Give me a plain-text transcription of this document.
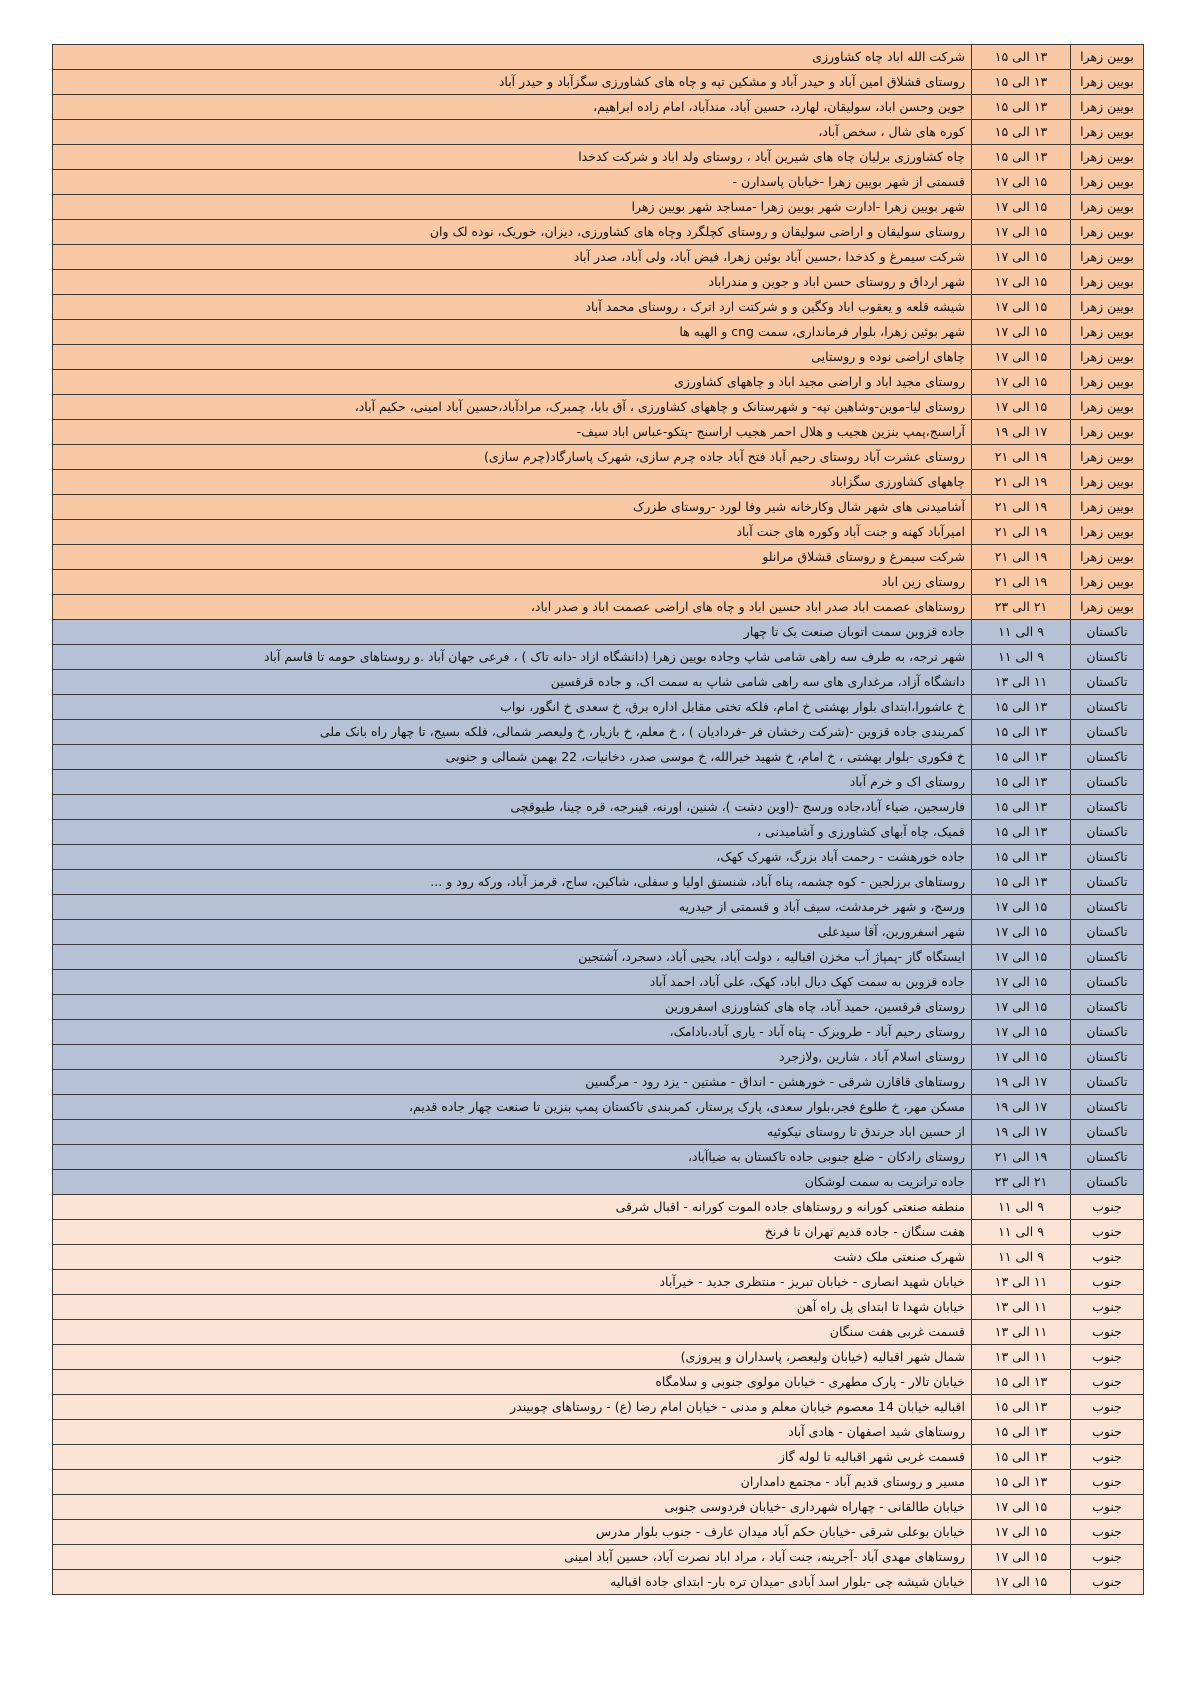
بویین زهرا	۱۳ الی ۱۵	شرکت الله اباد چاه کشاورزی
بویین زهرا	۱۳ الی ۱۵	روستای قشلاق امین آباد و حیدر آباد و مشکین تپه و چاه های کشاورزی سگزآباد و حیدر آباد
بویین زهرا	۱۳ الی ۱۵	جوین وحسن اباد، سولیقان، لهارد، حسین آباد، مندآباد، امام زاده ابراهیم،
بویین زهرا	۱۳ الی ۱۵	کوره های شال ، سخص آباد،
بویین زهرا	۱۳ الی ۱۵	چاه کشاورزی برلیان چاه های شیرین آباد ، روستای ولد اباد و شرکت کدخدا
بویین زهرا	۱۵ الی ۱۷	قسمتی از شهر بویین زهرا -خیابان پاسدارن -
بویین زهرا	۱۵ الی ۱۷	شهر بویین زهرا -ادارت شهر بویین زهرا -مساجد شهر بویین زهرا
بویین زهرا	۱۵ الی ۱۷	روستای سولیقان و اراضی سولیقان و روستای کچلگرد وچاه های کشاورزی، دیزان، خوریک، نوده لک وان
بویین زهرا	۱۵ الی ۱۷	شرکت سیمرغ و کدخدا ،حسین آباد بوئین زهرا، فیض آباد، ولی آباد، صدر آباد
بویین زهرا	۱۵ الی ۱۷	شهر ارداق و روستای حسن اباد و جوین و مندراباد
بویین زهرا	۱۵ الی ۱۷	شیشه قلعه و یعقوب اباد وکگین و و شرکتت ارد اترک ، روستای محمد آباد
بویین زهرا	۱۵ الی ۱۷	شهر بوئین زهرا، بلوار فرمانداری، سمت cng و الهیه ها
بویین زهرا	۱۵ الی ۱۷	چاهای اراضی نوده و روستایی
بویین زهرا	۱۵ الی ۱۷	روستای مجید اباد و اراضی مجید اباد و چاههای کشاورزی
بویین زهرا	۱۵ الی ۱۷	روستای لیا-موین-وشاهین تپه- و شهرستانک و چاههای کشاورزی ، آق بابا، چمبرک، مرادآباد،حسین آباد امینی، حکیم آباد،
بویین زهرا	۱۷ الی ۱۹	آراسنج،پمپ بنزین هجیب و هلال احمر هجیب اراسنج -پتکو-عباس اباد سیف-
بویین زهرا	۱۹ الی ۲۱	روستای عشرت آباد روستای رحیم آباد فتح آباد جاده چرم سازی، شهرک پاسارگاد(چرم سازی)
بویین زهرا	۱۹ الی ۲۱	چاههای کشاورزی سگزاباد
بویین زهرا	۱۹ الی ۲۱	آشامیدنی های شهر شال وکارخانه شیر وفا لورد -روستای طزرک
بویین زهرا	۱۹ الی ۲۱	امیرآباد کهنه و جنت آباد وکوره های جنت آباد
بویین زهرا	۱۹ الی ۲۱	شرکت سیمرغ و روستای قشلاق مرانلو
بویین زهرا	۱۹ الی ۲۱	روستای زین اباد
بویین زهرا	۲۱ الی ۲۳	روستاهای عصمت اباد صدر اباد حسین اباد و چاه های اراضی عصمت اباد و صدر اباد،
تاکستان	۹ الی ۱۱	جاده قزوین سمت اتوبان صنعت یک تا چهار
تاکستان	۹ الی ۱۱	شهر نرجه، به طرف سه راهی شامی شاپ وجاده بویین زهرا (دانشگاه ازاد -دانه تاک ) ، فرعی جهان آباد .و روستاهای حومه تا قاسم آباد
تاکستان	۱۱ الی ۱۳	دانشگاه آزاد، مرغداری های سه راهی شامی شاپ به سمت اک، و جاده قرقسین
تاکستان	۱۳ الی ۱۵	خ عاشورا،ابتدای بلوار بهشتی خ امام، فلکه تختی مقابل اداره برق، خ سعدی خ انگور، نواب
تاکستان	۱۳ الی ۱۵	کمربندی جاده قزوین -(شرکت رخشان فر -فردادیان ) ، خ معلم، خ بازیار، خ ولیعصر شمالی، فلکه بسیج، تا چهار راه بانک ملی
تاکستان	۱۳ الی ۱۵	خ فکوری -بلوار بهشتی ، خ امام، خ شهید خیرالله، خ موسی صدر، دخانیات، 22 بهمن شمالی و جنوبی
تاکستان	۱۳ الی ۱۵	روستای اک و خرم آباد
تاکستان	۱۳ الی ۱۵	فارسجین، ضیاء آباد،جاده ورسج -(اوین دشت )، شنین، اورنه، قینرجه، قره چینا، طیوقچی
تاکستان	۱۳ الی ۱۵	قمیک، چاه آبهای کشاورزی و آشامیدنی ،
تاکستان	۱۳ الی ۱۵	جاده خورهشت - رحمت آباد بزرگ، شهرک کهک،
تاکستان	۱۳ الی ۱۵	روستاهای برزلجین - کوه چشمه، پناه آباد، شنستق اولیا و سفلی، شاکین، ساج، قرمز آباد، ورکه رود و ...
تاکستان	۱۵ الی ۱۷	ورسج، و شهر خرمدشت، سیف آباد و قسمتی از حیدریه
تاکستان	۱۵ الی ۱۷	شهر اسفرورین، آقا سیدعلی
تاکستان	۱۵ الی ۱۷	ایستگاه گاز -پمپاژ آب مخزن اقبالیه ، دولت آباد، یحیی آباد، دسجرد، آشتجین
تاکستان	۱۵ الی ۱۷	جاده قزوین به سمت کهک دیال اباد، کهک، علی آباد، احمد آباد
تاکستان	۱۵ الی ۱۷	روستای قرقسین، حمید آباد، چاه های کشاورزی اسفرورین
تاکستان	۱۵ الی ۱۷	روستای رحیم آباد - طرویزک - پناه آباد - یاری آباد،بادامک،
تاکستان	۱۵ الی ۱۷	روستای اسلام آباد ، شارین ,ولازجرد
تاکستان	۱۷ الی ۱۹	روستاهای قاقازن شرقی - خورهشن - انداق - مشتین - یزد رود - مرگسین
تاکستان	۱۷ الی ۱۹	مسکن مهر، خ طلوع فجر،بلوار سعدی، پارک پرستار، کمربندی تاکستان پمپ بنزین تا صنعت چهار جاده قدیم،
تاکستان	۱۷ الی ۱۹	از حسین اباد جرندق تا روستای نیکوئیه
تاکستان	۱۹ الی ۲۱	روستای رادکان - ضلع جنوبی جاده تاکستان به ضیاآباد،
تاکستان	۲۱ الی ۲۳	جاده ترانزیت به سمت لوشکان
جنوب	۹ الی ۱۱	منطقه صنعتی کورانه و روستاهای جاده الموت کورانه - اقبال شرقی
جنوب	۹ الی ۱۱	هفت سنگان - جاده قدیم تهران تا فرنخ
جنوب	۹ الی ۱۱	شهرک صنعتی ملک دشت
جنوب	۱۱ الی ۱۳	خیابان شهید انصاری - خیابان تبریز - منتظری جدید - خیرآباد
جنوب	۱۱ الی ۱۳	خیابان شهدا تا ابتدای پل راه آهن
جنوب	۱۱ الی ۱۳	قسمت غربی هفت سنگان
جنوب	۱۱ الی ۱۳	شمال شهر اقبالیه (خیابان ولیعصر، پاسداران و پیروزی)
جنوب	۱۳ الی ۱۵	خیابان تالار - پارک مطهری - خیابان مولوی جنوبی و سلامگاه
جنوب	۱۳ الی ۱۵	اقبالیه خیابان 14 معصوم خیابان معلم و مدنی - خیابان امام رضا (ع) - روستاهای چوبیندر
جنوب	۱۳ الی ۱۵	روستاهای شید اصفهان - هادی آباد
جنوب	۱۳ الی ۱۵	قسمت غربی شهر اقبالیه تا لوله گاز
جنوب	۱۳ الی ۱۵	مسیر و روستای قدیم آباد - مجتمع دامداران
جنوب	۱۵ الی ۱۷	خیابان طالقانی - چهاراه شهرداری -خیابان فردوسی جنوبی
جنوب	۱۵ الی ۱۷	خیابان بوعلی شرقی -خیابان حکم آباد میدان عارف - جنوب بلوار مدرس
جنوب	۱۵ الی ۱۷	روستاهای مهدی آباد -آجرینه، جنت آباد ، مراد اباد نصرت آباد، حسین آباد امینی
جنوب	۱۵ الی ۱۷	خیابان شیشه چی -بلوار اسد آبادی -میدان تره بار- ابتدای جاده اقبالیه
